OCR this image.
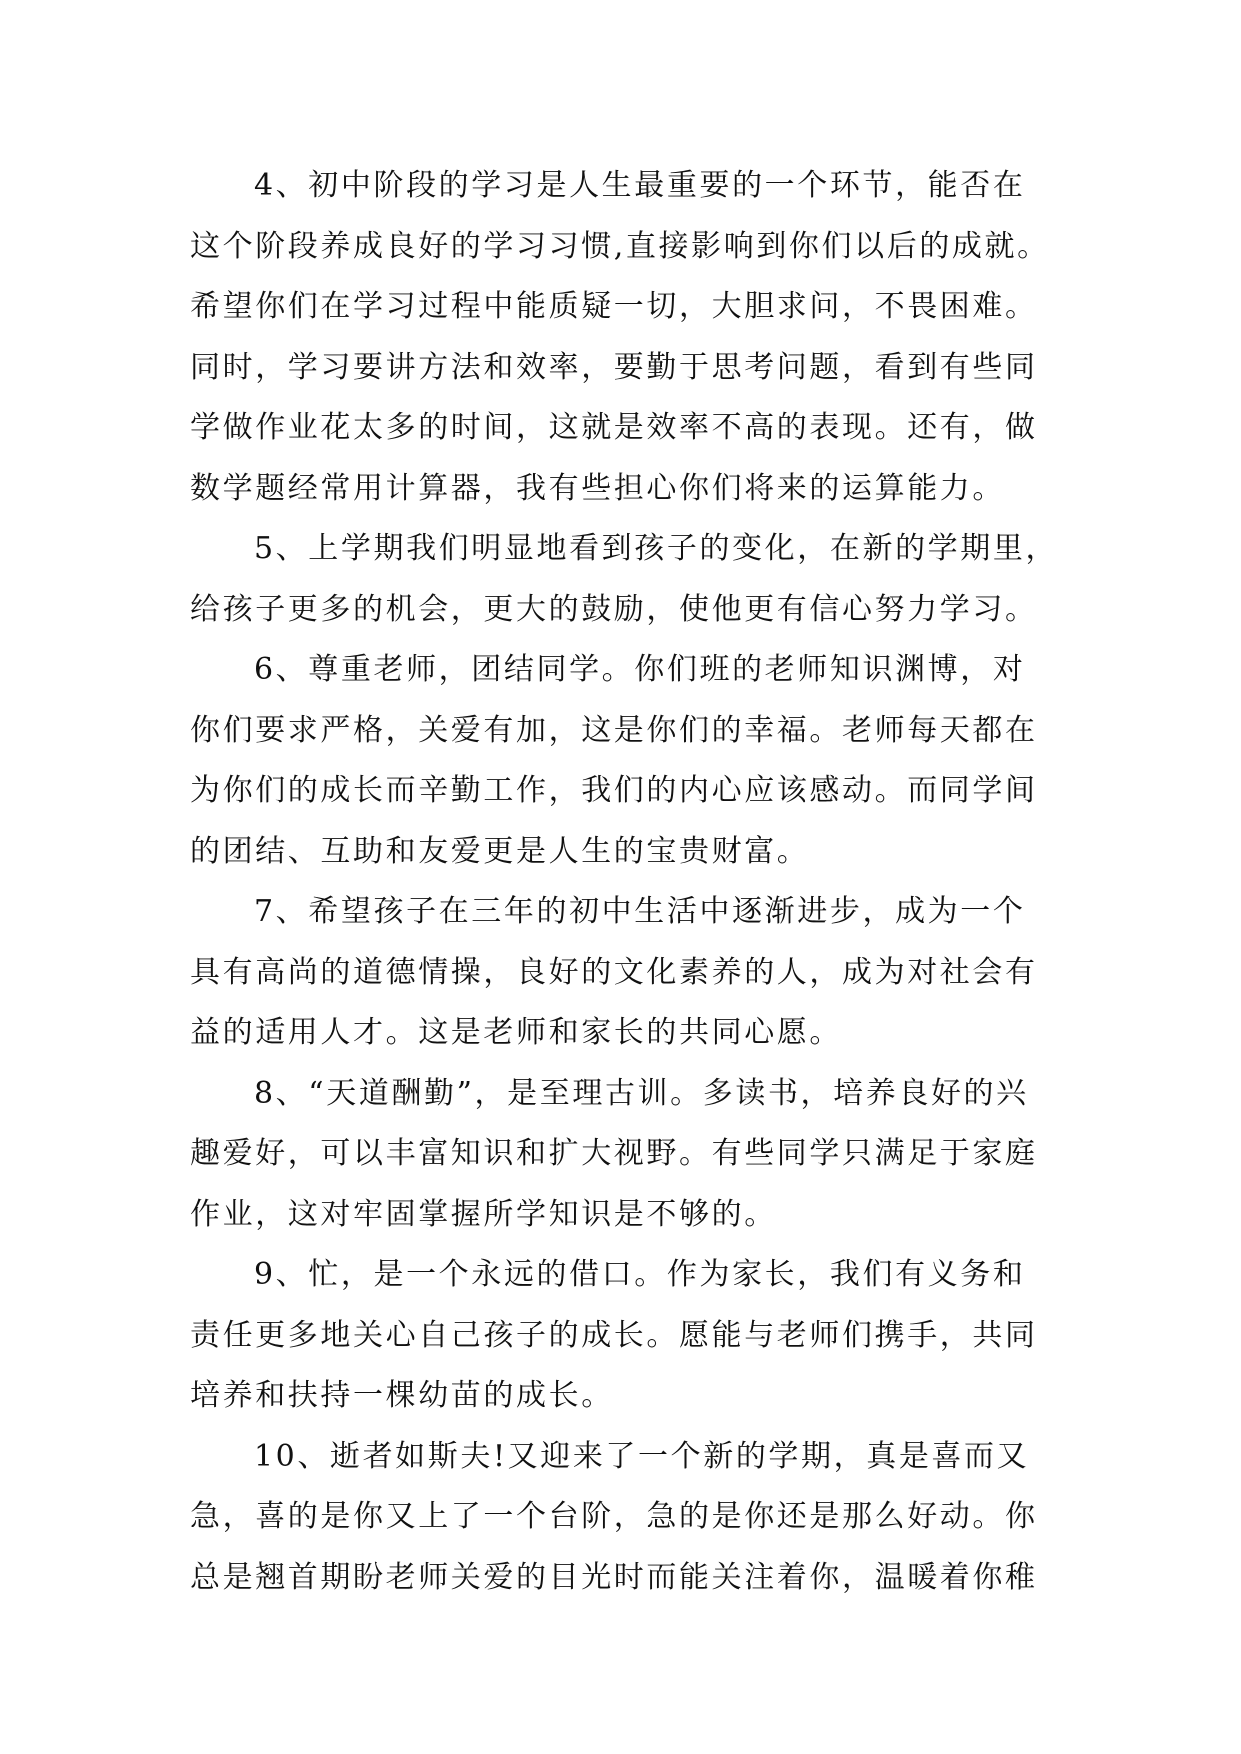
4、初中阶段的学习是人生最重要的一个环节，能否在
这个阶段养成良好的学习习惯,直接影响到你们以后的成就。
希望你们在学习过程中能质疑一切，大胆求问，不畏困难。
同时，学习要讲方法和效率，要勤于思考问题，看到有些同
学做作业花太多的时间，这就是效率不高的表现。还有，做
数学题经常用计算器，我有些担心你们将来的运算能力。
5、上学期我们明显地看到孩子的变化，在新的学期里，
给孩子更多的机会，更大的鼓励，使他更有信心努力学习。
6、尊重老师，团结同学。你们班的老师知识渊博，对
你们要求严格，关爱有加，这是你们的幸福。老师每天都在
为你们的成长而辛勤工作，我们的内心应该感动。而同学间
的团结、互助和友爱更是人生的宝贵财富。
7、希望孩子在三年的初中生活中逐渐进步，成为一个
具有高尚的道德情操，良好的文化素养的人，成为对社会有
益的适用人才。这是老师和家长的共同心愿。
8、“天道酬勤”，是至理古训。多读书，培养良好的兴
趣爱好，可以丰富知识和扩大视野。有些同学只满足于家庭
作业，这对牢固掌握所学知识是不够的。
9、忙，是一个永远的借口。作为家长，我们有义务和
责任更多地关心自己孩子的成长。愿能与老师们携手，共同
培养和扶持一棵幼苗的成长。
10、逝者如斯夫!又迎来了一个新的学期，真是喜而又
急，喜的是你又上了一个台阶，急的是你还是那么好动。你
总是翘首期盼老师关爱的目光时而能关注着你，温暖着你稚
